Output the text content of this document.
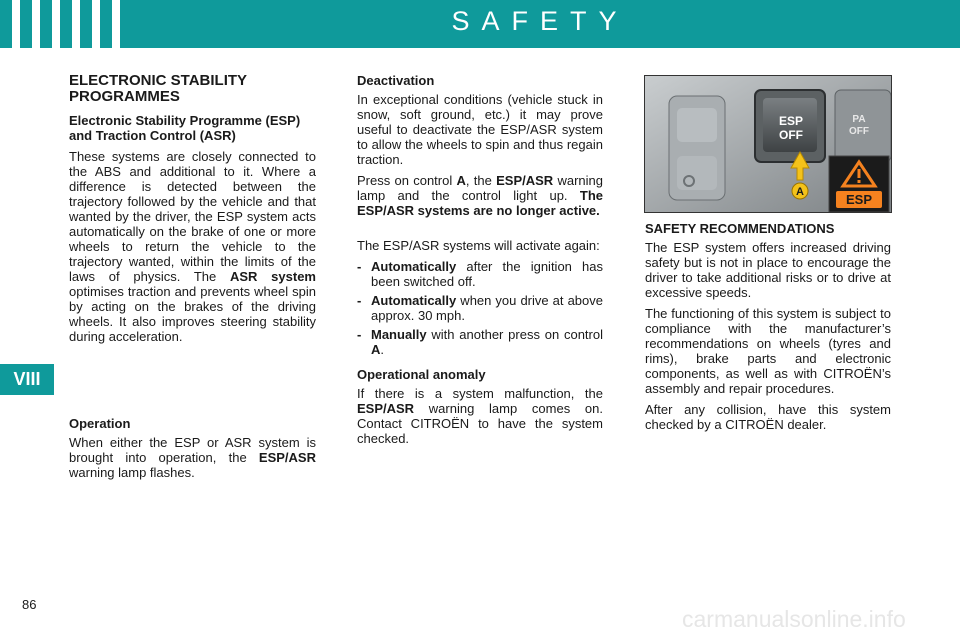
SAFETY
VIII
ELECTRONIC STABILITY PROGRAMMES
Electronic Stability Programme (ESP) and Traction Control (ASR)

These systems are closely connected to the ABS and additional to it. Where a difference is detected between the trajectory followed by the vehicle and that wanted by the driver, the ESP system acts automatically on the brake of one or more wheels to return the vehicle to the trajectory wanted, within the limits of the laws of physics. The ASR system optimises traction and prevents wheel spin by acting on the brakes of the driving wheels. It also improves steering stability during acceleration.

Operation

When either the ESP or ASR system is brought into operation, the ESP/ASR warning lamp flashes.

Deactivation

In exceptional conditions (vehicle stuck in snow, soft ground, etc.) it may prove useful to deactivate the ESP/ASR system to allow the wheels to spin and thus regain traction.

Press on control A, the ESP/ASR warning lamp and the control light up. The ESP/ASR systems are no longer active.

The ESP/ASR systems will activate again:

- Automatically after the ignition has been switched off.
- Automatically when you drive at above approx. 30 mph.
- Manually with another press on control A.
Operational anomaly

If there is a system malfunction, the ESP/ASR warning lamp comes on. Contact CITROËN to have the system checked.

ESP
OFF
PA
OFF
A	ESP
SAFETY RECOMMENDATIONS

The ESP system offers increased driving safety but is not in place to encourage the driver to take additional risks or to drive at excessive speeds.

The functioning of this system is subject to compliance with the manufacturer’s recommendations on wheels (tyres and rims), brake parts and electronic components, as well as with CITROËN’s assembly and repair procedures.

After any collision, have this system checked by a CITROËN dealer.

86
carmanualsonline.info
